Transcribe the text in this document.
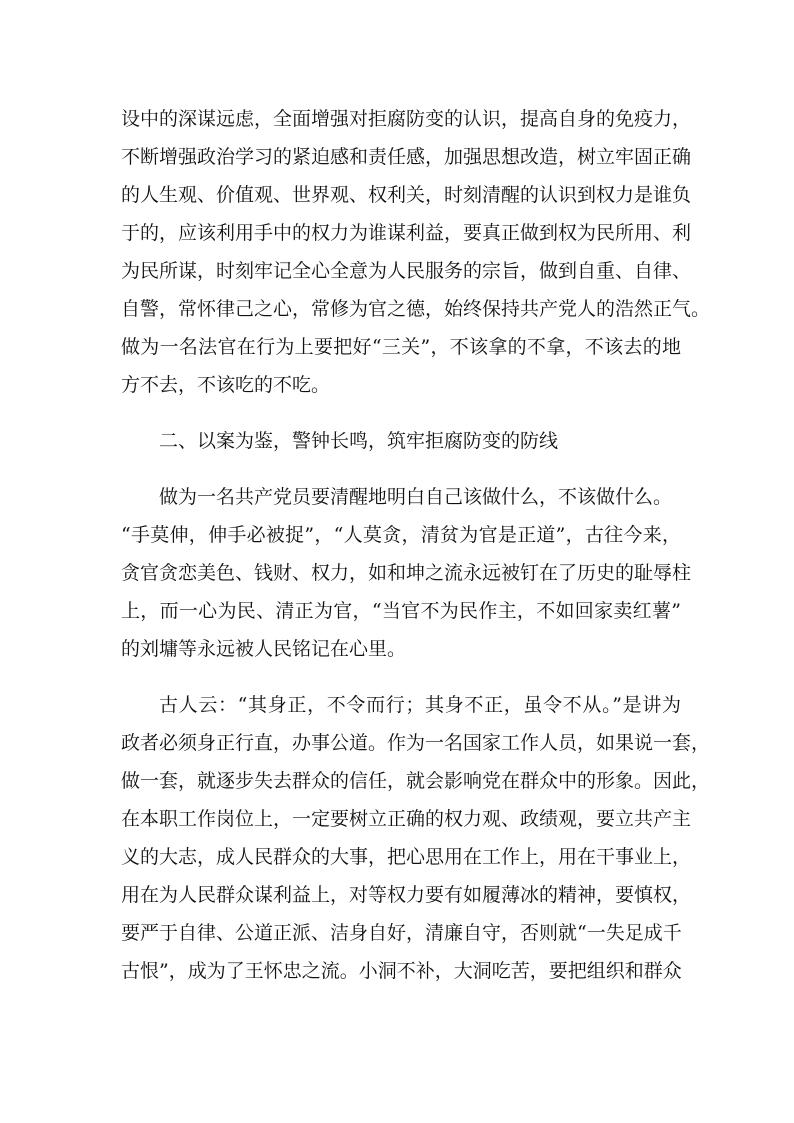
设中的深谋远虑，全面增强对拒腐防变的认识，提高自身的免疫力，
不断增强政治学习的紧迫感和责任感，加强思想改造，树立牢固正确
的人生观、价值观、世界观、权利关，时刻清醒的认识到权力是谁负
于的，应该利用手中的权力为谁谋利益，要真正做到权为民所用、利
为民所谋，时刻牢记全心全意为人民服务的宗旨，做到自重、自律、
自警，常怀律己之心，常修为官之德，始终保持共产党人的浩然正气。
做为一名法官在行为上要把好“三关”，不该拿的不拿，不该去的地
方不去，不该吃的不吃。
二、以案为鉴，警钟长鸣，筑牢拒腐防变的防线
做为一名共产党员要清醒地明白自己该做什么，不该做什么。
“手莫伸，伸手必被捉”，“人莫贪，清贫为官是正道”，古往今来，
贪官贪恋美色、钱财、权力，如和坤之流永远被钉在了历史的耻辱柱
上，而一心为民、清正为官，“当官不为民作主，不如回家卖红薯”
的刘墉等永远被人民铭记在心里。
古人云：“其身正，不令而行；其身不正，虽令不从。”是讲为
政者必须身正行直，办事公道。作为一名国家工作人员，如果说一套，
做一套，就逐步失去群众的信任，就会影响党在群众中的形象。因此，
在本职工作岗位上，一定要树立正确的权力观、政绩观，要立共产主
义的大志，成人民群众的大事，把心思用在工作上，用在干事业上，
用在为人民群众谋利益上，对等权力要有如履薄冰的精神，要慎权，
要严于自律、公道正派、洁身自好，清廉自守，否则就“一失足成千
古恨”，成为了王怀忠之流。小洞不补，大洞吃苦，要把组织和群众
